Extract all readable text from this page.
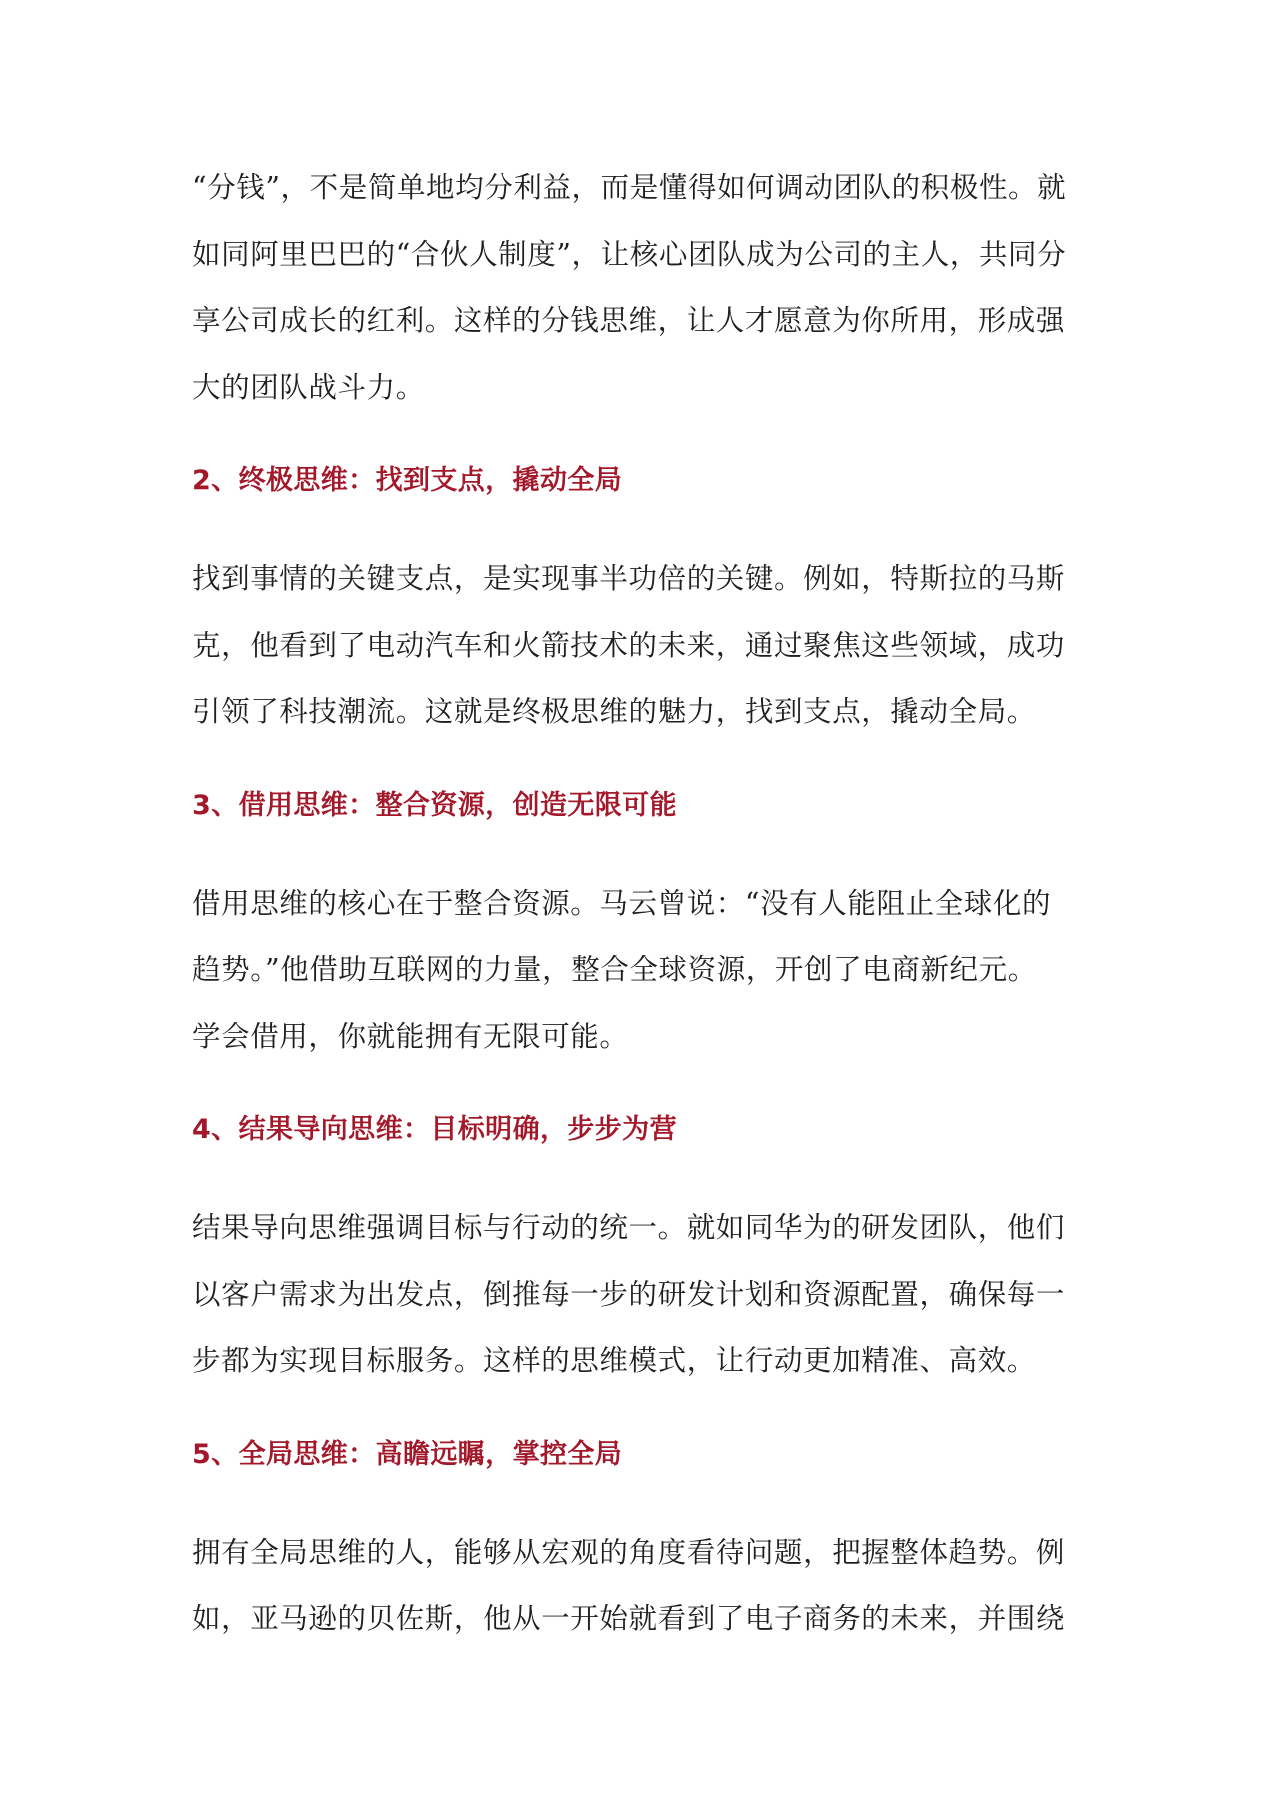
“分钱”，不是简单地均分利益，而是懂得如何调动团队的积极性。就
如同阿里巴巴的“合伙人制度”，让核心团队成为公司的主人，共同分
享公司成长的红利。这样的分钱思维，让人才愿意为你所用，形成强
大的团队战斗力。
2、终极思维：找到支点，撬动全局
找到事情的关键支点，是实现事半功倍的关键。例如，特斯拉的马斯
克，他看到了电动汽车和火箭技术的未来，通过聚焦这些领域，成功
引领了科技潮流。这就是终极思维的魅力，找到支点，撬动全局。
3、借用思维：整合资源，创造无限可能
借用思维的核心在于整合资源。马云曾说：“没有人能阻止全球化的
趋势。”他借助互联网的力量，整合全球资源，开创了电商新纪元。
学会借用，你就能拥有无限可能。
4、结果导向思维：目标明确，步步为营
结果导向思维强调目标与行动的统一。就如同华为的研发团队，他们
以客户需求为出发点，倒推每一步的研发计划和资源配置，确保每一
步都为实现目标服务。这样的思维模式，让行动更加精准、高效。
5、全局思维：高瞻远瞩，掌控全局
拥有全局思维的人，能够从宏观的角度看待问题，把握整体趋势。例
如，亚马逊的贝佐斯，他从一开始就看到了电子商务的未来，并围绕
